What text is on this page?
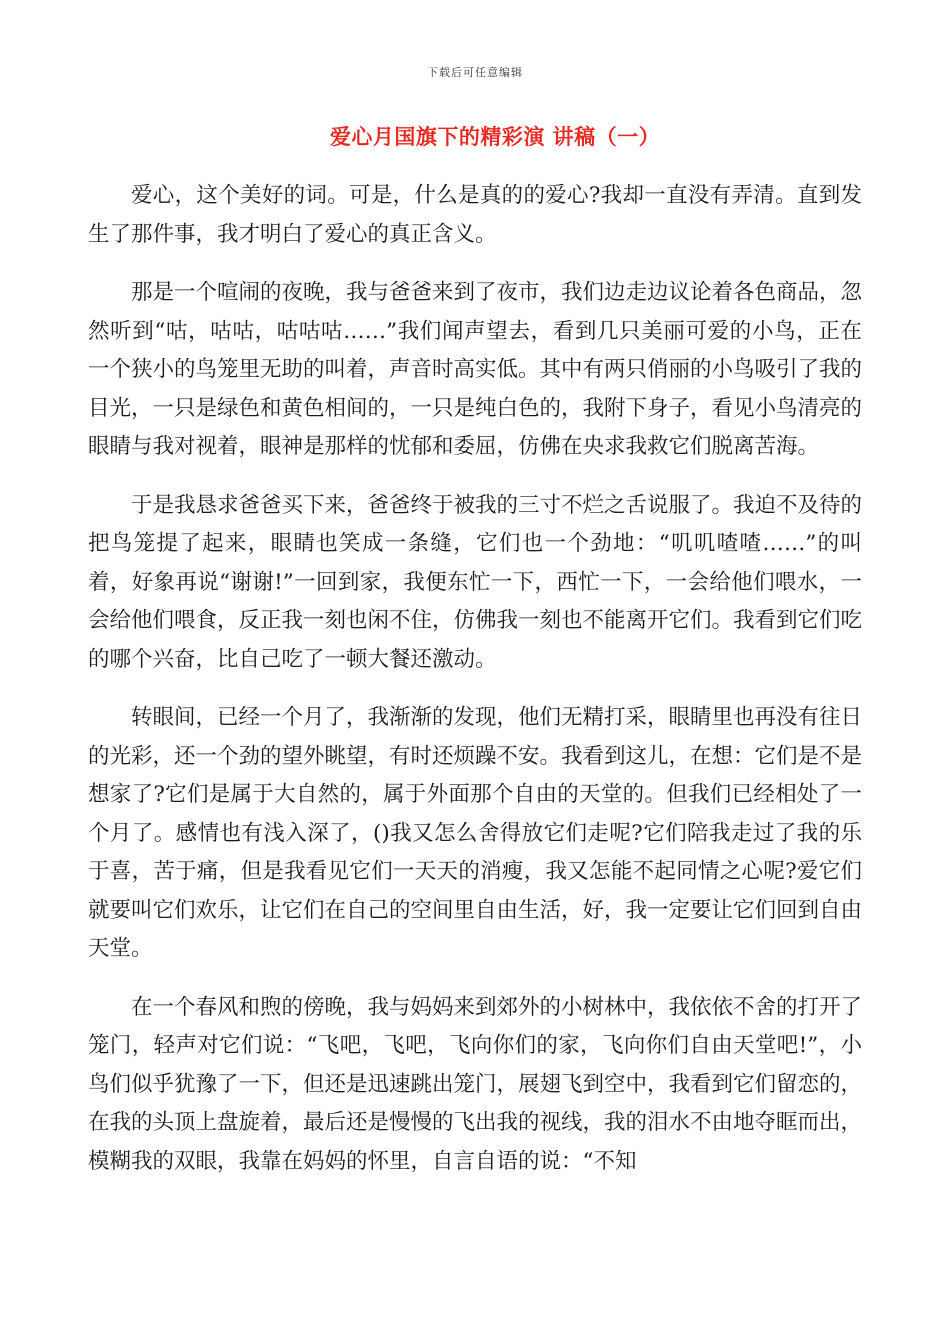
下载后可任意编辑
爱心月国旗下的精彩演 讲稿（一）

爱心，这个美好的词。可是，什么是真的的爱心?我却一直没有弄清。直到发生了那件事，我才明白了爱心的真正含义。

那是一个喧闹的夜晚，我与爸爸来到了夜市，我们边走边议论着各色商品，忽然听到“咕，咕咕，咕咕咕……”我们闻声望去，看到几只美丽可爱的小鸟，正在一个狭小的鸟笼里无助的叫着，声音时高实低。其中有两只俏丽的小鸟吸引了我的目光，一只是绿色和黄色相间的，一只是纯白色的，我附下身子，看见小鸟清亮的眼睛与我对视着，眼神是那样的忧郁和委屈，仿佛在央求我救它们脱离苦海。

于是我恳求爸爸买下来，爸爸终于被我的三寸不烂之舌说服了。我迫不及待的把鸟笼提了起来，眼睛也笑成一条缝，它们也一个劲地：“叽叽喳喳……”的叫着，好象再说“谢谢!”一回到家，我便东忙一下，西忙一下，一会给他们喂水，一会给他们喂食，反正我一刻也闲不住，仿佛我一刻也不能离开它们。我看到它们吃的哪个兴奋，比自己吃了一顿大餐还激动。

转眼间，已经一个月了，我渐渐的发现，他们无精打采，眼睛里也再没有往日的光彩，还一个劲的望外眺望，有时还烦躁不安。我看到这儿，在想：它们是不是想家了?它们是属于大自然的，属于外面那个自由的天堂的。但我们已经相处了一个月了。感情也有浅入深了，()我又怎么舍得放它们走呢?它们陪我走过了我的乐于喜，苦于痛，但是我看见它们一天天的消瘦，我又怎能不起同情之心呢?爱它们就要叫它们欢乐，让它们在自己的空间里自由生活，好，我一定要让它们回到自由天堂。

在一个春风和煦的傍晚，我与妈妈来到郊外的小树林中，我依依不舍的打开了笼门，轻声对它们说：“飞吧，飞吧，飞向你们的家，飞向你们自由天堂吧!”，小鸟们似乎犹豫了一下，但还是迅速跳出笼门，展翅飞到空中，我看到它们留恋的，在我的头顶上盘旋着，最后还是慢慢的飞出我的视线，我的泪水不由地夺眶而出，模糊我的双眼，我靠在妈妈的怀里，自言自语的说：“不知
